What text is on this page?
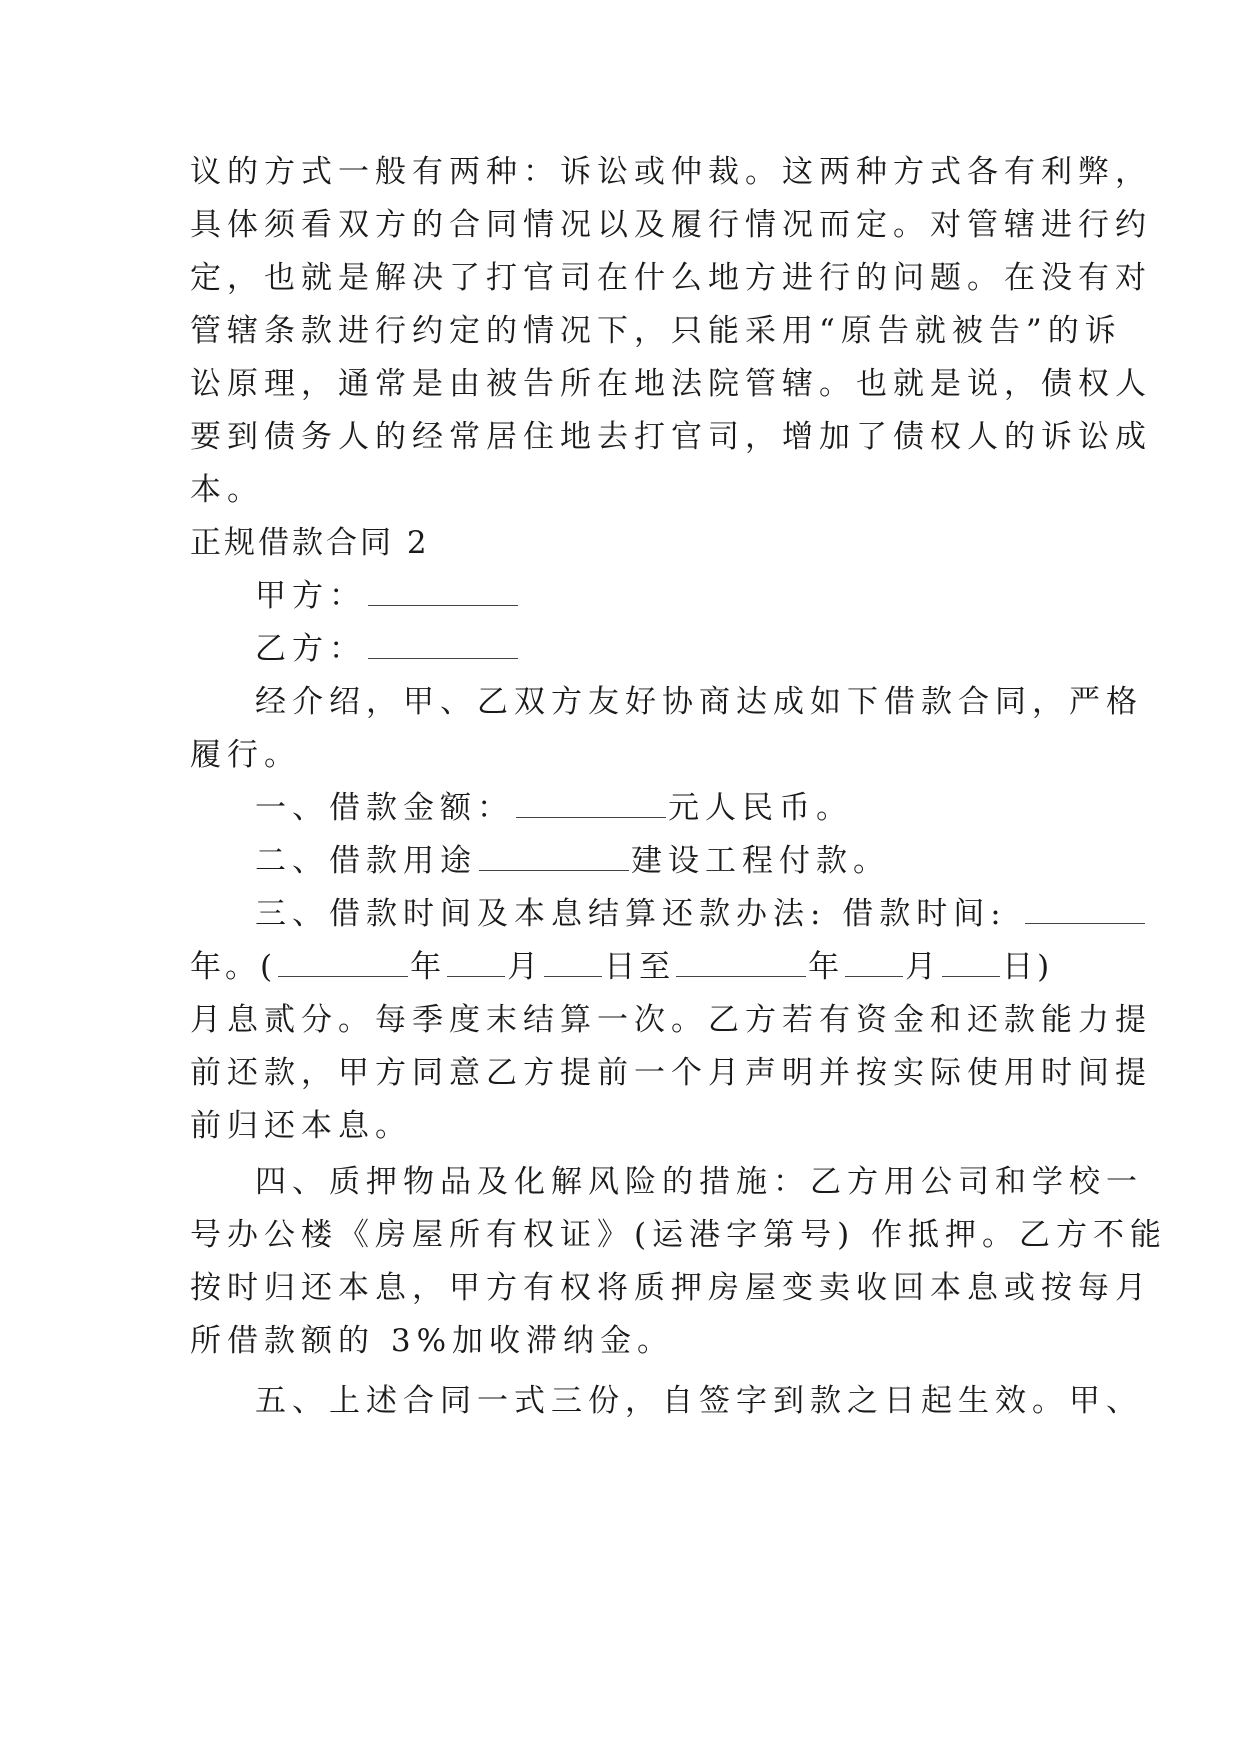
议的方式一般有两种：诉讼或仲裁。这两种方式各有利弊，
具体须看双方的合同情况以及履行情况而定。对管辖进行约
定，也就是解决了打官司在什么地方进行的问题。在没有对
管辖条款进行约定的情况下，只能采用“原告就被告”的诉
讼原理，通常是由被告所在地法院管辖。也就是说，债权人
要到债务人的经常居住地去打官司，增加了债权人的诉讼成
本。
正规借款合同 2
甲方：
乙方：
经介绍，甲、乙双方友好协商达成如下借款合同，严格
履行。
一、借款金额：	元人民币。
二、借款用途	建设工程付款。
三、借款时间及本息结算还款办法: 借款时间:
年。(	年 月 日至	年 月 日)
月息贰分。每季度末结算一次。乙方若有资金和还款能力提
前还款，甲方同意乙方提前一个月声明并按实际使用时间提
前归还本息。
四、质押物品及化解风险的措施：乙方用公司和学校一
号办公楼《房屋所有权证》(运港字第号) 作抵押。乙方不能
按时归还本息，甲方有权将质押房屋变卖收回本息或按每月
所借款额的 3%加收滞纳金。
五、上述合同一式三份，自签字到款之日起生效。甲、
